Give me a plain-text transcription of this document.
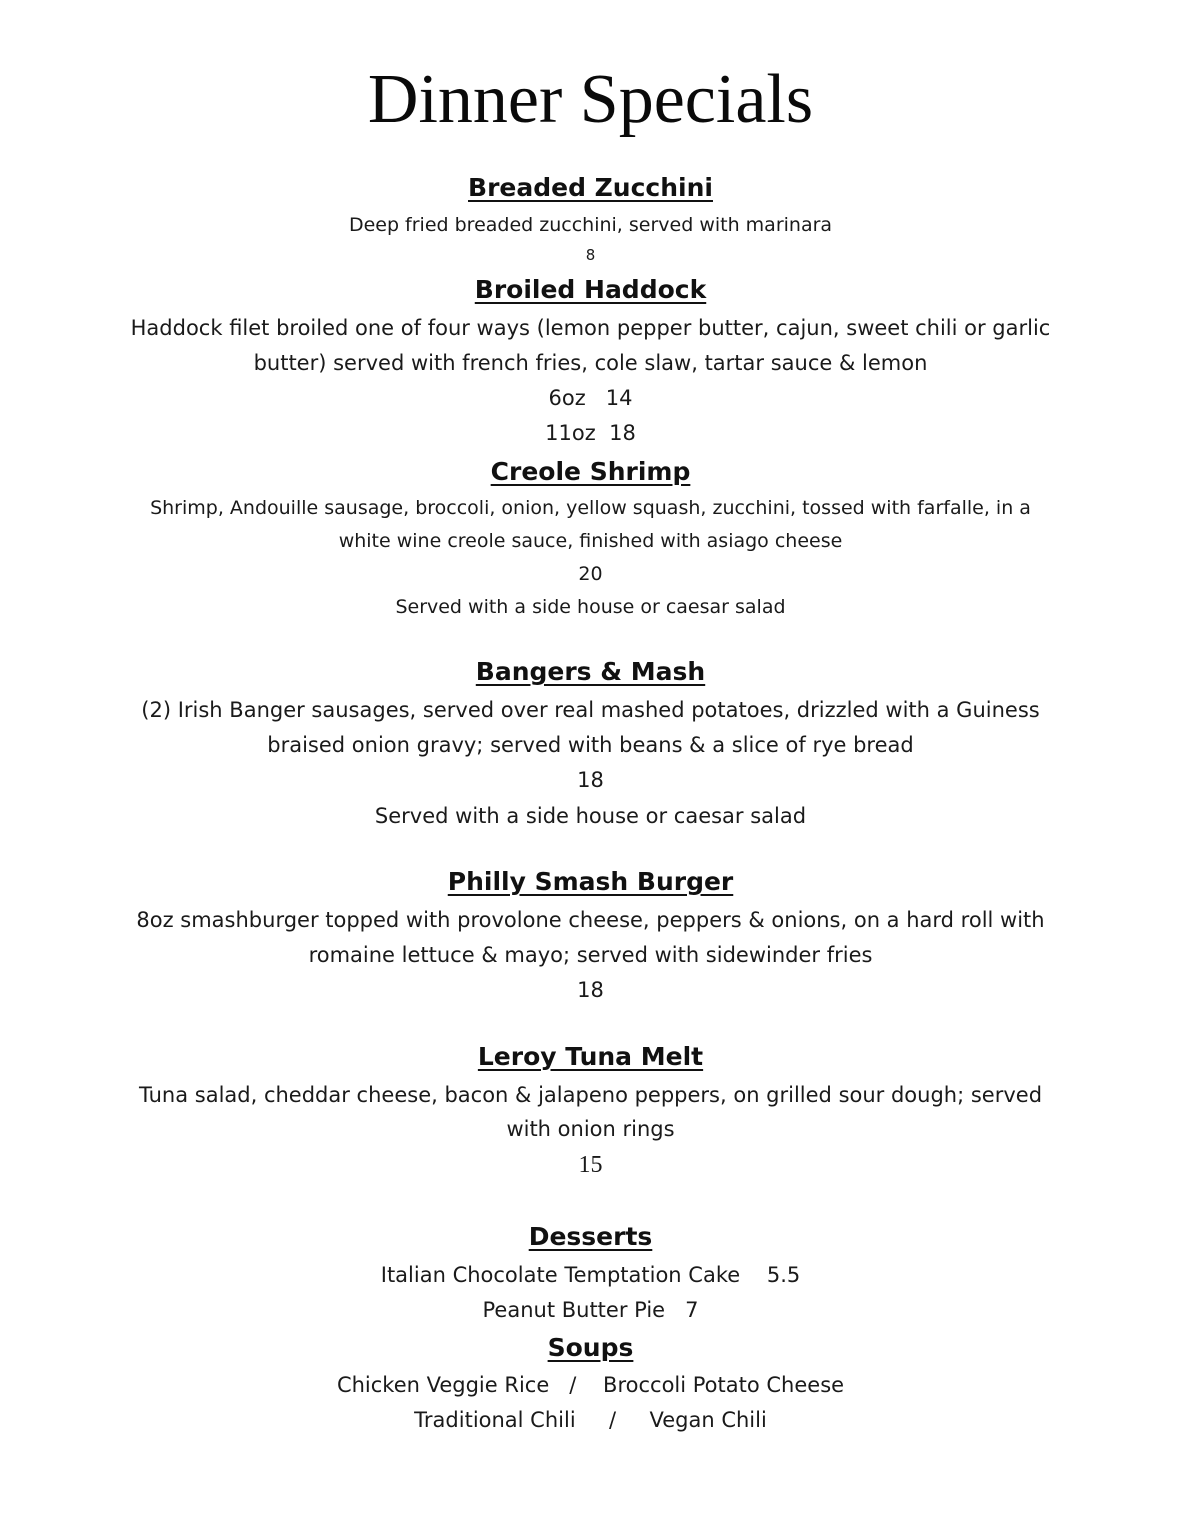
Dinner Specials
Breaded Zucchini
Deep fried breaded zucchini, served with marinara
8
Broiled Haddock
Haddock filet broiled one of four ways (lemon pepper butter, cajun, sweet chili or garlic
butter) served with french fries, cole slaw, tartar sauce & lemon
6oz   14
11oz  18
Creole Shrimp
Shrimp, Andouille sausage, broccoli, onion, yellow squash, zucchini, tossed with farfalle, in a
white wine creole sauce, finished with asiago cheese
20
Served with a side house or caesar salad
Bangers & Mash
(2) Irish Banger sausages, served over real mashed potatoes, drizzled with a Guiness
braised onion gravy; served with beans & a slice of rye bread
18
Served with a side house or caesar salad
Philly Smash Burger
8oz smashburger topped with provolone cheese, peppers & onions, on a hard roll with
romaine lettuce & mayo; served with sidewinder fries
18
Leroy Tuna Melt
Tuna salad, cheddar cheese, bacon & jalapeno peppers, on grilled sour dough; served
with onion rings
15
Desserts
Italian Chocolate Temptation Cake    5.5
Peanut Butter Pie   7
Soups
Chicken Veggie Rice   /    Broccoli Potato Cheese
Traditional Chili     /     Vegan Chili
